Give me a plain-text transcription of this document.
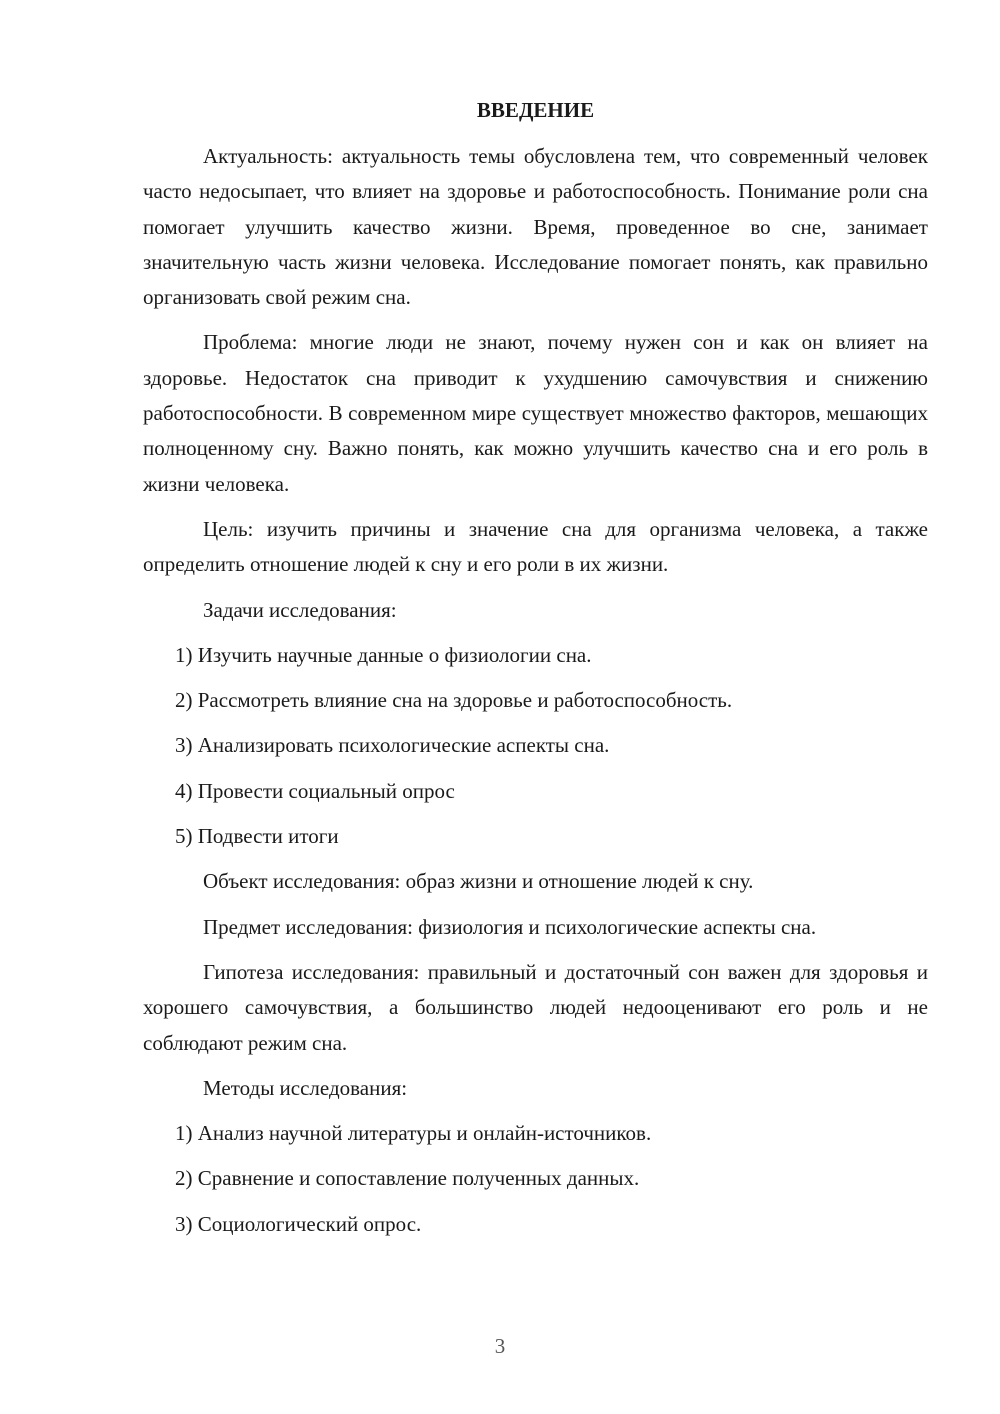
ВВЕДЕНИЕ

Актуальность: актуальность темы обусловлена тем, что современный человек часто недосыпает, что влияет на здоровье и работоспособность. Понимание роли сна помогает улучшить качество жизни. Время, проведенное во сне, занимает значительную часть жизни человека. Исследование помогает понять, как правильно организовать свой режим сна.

Проблема: многие люди не знают, почему нужен сон и как он влияет на здоровье. Недостаток сна приводит к ухудшению самочувствия и снижению работоспособности. В современном мире существует множество факторов, мешающих полноценному сну. Важно понять, как можно улучшить качество сна и его роль в жизни человека.

Цель: изучить причины и значение сна для организма человека, а также определить отношение людей к сну и его роли в их жизни.

Задачи исследования:
1) Изучить научные данные о физиологии сна.
2) Рассмотреть влияние сна на здоровье и работоспособность.
3) Анализировать психологические аспекты сна.
4) Провести социальный опрос
5) Подвести итоги
Объект исследования: образ жизни и отношение людей к сну.
Предмет исследования: физиология и психологические аспекты сна.

Гипотеза исследования: правильный и достаточный сон важен для здоровья и хорошего самочувствия, а большинство людей недооценивают его роль и не соблюдают режим сна.

Методы исследования:
1) Анализ научной литературы и онлайн-источников.
2) Сравнение и сопоставление полученных данных.
3) Социологический опрос.
3
